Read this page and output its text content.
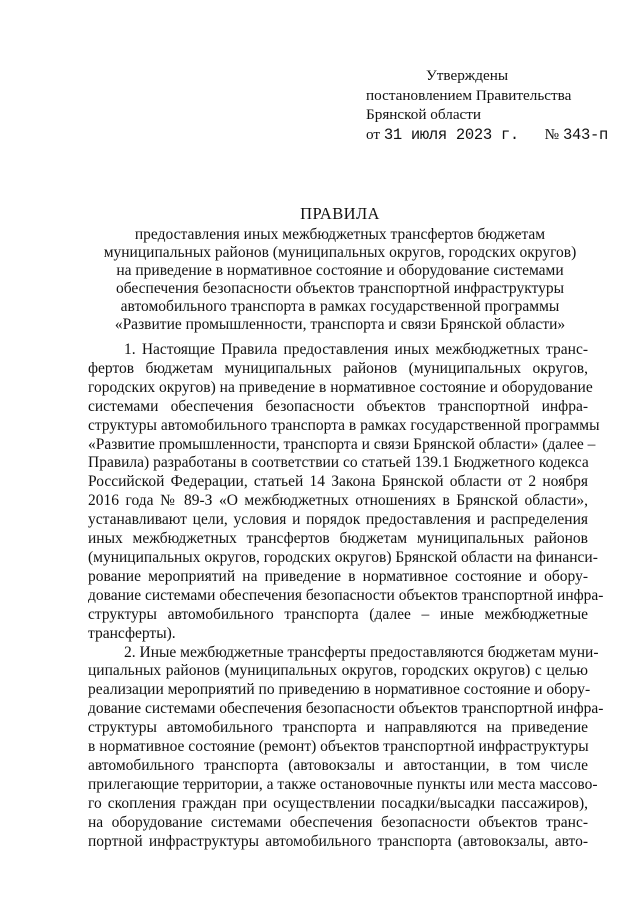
Утверждены
постановлением Правительства
Брянской области
от 31 июля 2023 г. № 343-п
ПРАВИЛА
предоставления иных межбюджетных трансфертов бюджетам
муниципальных районов (муниципальных округов, городских округов)
на приведение в нормативное состояние и оборудование системами
обеспечения безопасности объектов транспортной инфраструктуры
автомобильного транспорта в рамках государственной программы
«Развитие промышленности, транспорта и связи Брянской области»
1. Настоящие Правила предоставления иных межбюджетных транс-
фертов бюджетам муниципальных районов (муниципальных округов,
городских округов) на приведение в нормативное состояние и оборудование
системами обеспечения безопасности объектов транспортной инфра-
структуры автомобильного транспорта в рамках государственной программы
«Развитие промышленности, транспорта и связи Брянской области» (далее –
Правила) разработаны в соответствии со статьей 139.1 Бюджетного кодекса
Российской Федерации, статьей 14 Закона Брянской области от 2 ноября
2016 года № 89-З «О межбюджетных отношениях в Брянской области»,
устанавливают цели, условия и порядок предоставления и распределения
иных межбюджетных трансфертов бюджетам муниципальных районов
(муниципальных округов, городских округов) Брянской области на финанси-
рование мероприятий на приведение в нормативное состояние и обору-
дование системами обеспечения безопасности объектов транспортной инфра-
структуры автомобильного транспорта (далее – иные межбюджетные
трансферты).
2. Иные межбюджетные трансферты предоставляются бюджетам муни-
ципальных районов (муниципальных округов, городских округов) с целью
реализации мероприятий по приведению в нормативное состояние и обору-
дование системами обеспечения безопасности объектов транспортной инфра-
структуры автомобильного транспорта и направляются на приведение
в нормативное состояние (ремонт) объектов транспортной инфраструктуры
автомобильного транспорта (автовокзалы и автостанции, в том числе
прилегающие территории, а также остановочные пункты или места массово-
го скопления граждан при осуществлении посадки/высадки пассажиров),
на оборудование системами обеспечения безопасности объектов транс-
портной инфраструктуры автомобильного транспорта (автовокзалы, авто-
